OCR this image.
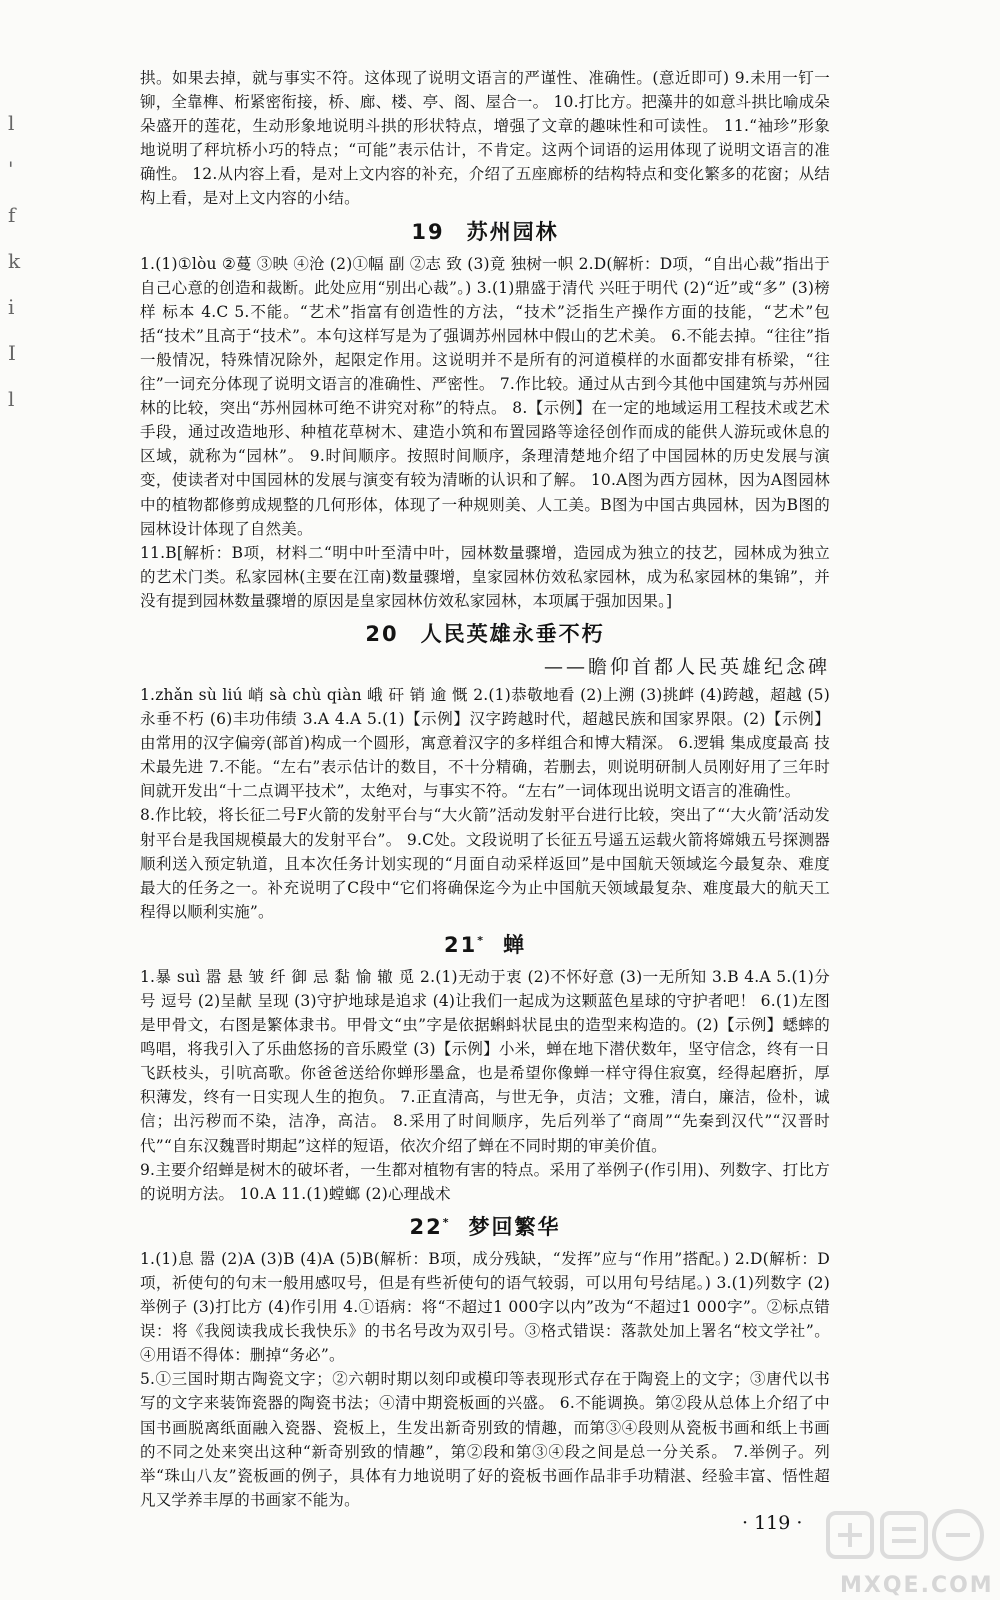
l
'
f
k
i
I
l

拱。如果去掉，就与事实不符。这体现了说明文语言的严谨性、准确性。(意近即可) 9.未用一钉一铆，全靠榫、桁紧密衔接，桥、廊、楼、亭、阁、屋合一。 10.打比方。把藻井的如意斗拱比喻成朵朵盛开的莲花，生动形象地说明斗拱的形状特点，增强了文章的趣味性和可读性。 11.“袖珍”形象地说明了秤坑桥小巧的特点；“可能”表示估计，不肯定。这两个词语的运用体现了说明文语言的准确性。 12.从内容上看，是对上文内容的补充，介绍了五座廊桥的结构特点和变化繁多的花窗；从结构上看，是对上文内容的小结。

19 苏州园林

1.(1)①lòu ②蔓 ③映 ④沧 (2)①幅 副 ②志 致 (3)竟 独树一帜 2.D(解析：D项，“自出心裁”指出于自己心意的创造和裁断。此处应用“别出心裁”。) 3.(1)鼎盛于清代 兴旺于明代 (2)“近”或“多” (3)榜样 标本 4.C 5.不能。“艺术”指富有创造性的方法，“技术”泛指生产操作方面的技能，“艺术”包括“技术”且高于“技术”。本句这样写是为了强调苏州园林中假山的艺术美。 6.不能去掉。“往往”指一般情况，特殊情况除外，起限定作用。这说明并不是所有的河道模样的水面都安排有桥梁，“往往”一词充分体现了说明文语言的准确性、严密性。 7.作比较。通过从古到今其他中国建筑与苏州园林的比较，突出“苏州园林可绝不讲究对称”的特点。 8.【示例】在一定的地域运用工程技术或艺术手段，通过改造地形、种植花草树木、建造小筑和布置园路等途径创作而成的能供人游玩或休息的区域，就称为“园林”。 9.时间顺序。按照时间顺序，条理清楚地介绍了中国园林的历史发展与演变，使读者对中国园林的发展与演变有较为清晰的认识和了解。 10.A图为西方园林，因为A图园林中的植物都修剪成规整的几何形体，体现了一种规则美、人工美。B图为中国古典园林，因为B图的园林设计体现了自然美。

11.B[解析：B项，材料二“明中叶至清中叶，园林数量骤增，造园成为独立的技艺，园林成为独立的艺术门类。私家园林(主要在江南)数量骤增，皇家园林仿效私家园林，成为私家园林的集锦”，并没有提到园林数量骤增的原因是皇家园林仿效私家园林，本项属于强加因果。]

20 人民英雄永垂不朽
——瞻仰首都人民英雄纪念碑

1.zhǎn sù liú 峭 sà chù qiàn 峨 矸 销 逾 慨 2.(1)恭敬地看 (2)上溯 (3)挑衅 (4)跨越，超越 (5)永垂不朽 (6)丰功伟绩 3.A 4.A 5.(1)【示例】汉字跨越时代，超越民族和国家界限。(2)【示例】由常用的汉字偏旁(部首)构成一个圆形，寓意着汉字的多样组合和博大精深。 6.逻辑 集成度最高 技术最先进 7.不能。“左右”表示估计的数目，不十分精确，若删去，则说明研制人员刚好用了三年时间就开发出“十二点调平技术”，太绝对，与事实不符。“左右”一词体现出说明文语言的准确性。

8.作比较，将长征二号F火箭的发射平台与“大火箭”活动发射平台进行比较，突出了“‘大火箭’活动发射平台是我国规模最大的发射平台”。 9.C处。文段说明了长征五号遥五运载火箭将嫦娥五号探测器顺利送入预定轨道，且本次任务计划实现的“月面自动采样返回”是中国航天领域迄今最复杂、难度最大的任务之一。补充说明了C段中“它们将确保迄今为止中国航天领域最复杂、难度最大的航天工程得以顺利实施”。

21* 蝉

1.暴 suì 嚣 悬 皱 纤 御 忌 黏 愉 辙 觅 2.(1)无动于衷 (2)不怀好意 (3)一无所知 3.B 4.A 5.(1)分号 逗号 (2)呈献 呈现 (3)守护地球是追求 (4)让我们一起成为这颗蓝色星球的守护者吧！ 6.(1)左图是甲骨文，右图是繁体隶书。甲骨文“虫”字是依据蝌蚪状昆虫的造型来构造的。(2)【示例】蟋蟀的鸣唱，将我引入了乐曲悠扬的音乐殿堂 (3)【示例】小米，蝉在地下潜伏数年，坚守信念，终有一日飞跃枝头，引吭高歌。你爸爸送给你蝉形墨盒，也是希望你像蝉一样守得住寂寞，经得起磨折，厚积薄发，终有一日实现人生的抱负。 7.正直清高，与世无争，贞洁；文雅，清白，廉洁，俭朴，诚信；出污秽而不染，洁净，高洁。 8.采用了时间顺序，先后列举了“商周”“先秦到汉代”“汉晋时代”“自东汉魏晋时期起”这样的短语，依次介绍了蝉在不同时期的审美价值。

9.主要介绍蝉是树木的破坏者，一生都对植物有害的特点。采用了举例子(作引用)、列数字、打比方的说明方法。 10.A 11.(1)螳螂 (2)心理战术

22* 梦回繁华

1.(1)息 嚣 (2)A (3)B (4)A (5)B(解析：B项，成分残缺，“发挥”应与“作用”搭配。) 2.D(解析：D项，祈使句的句末一般用感叹号，但是有些祈使句的语气较弱，可以用句号结尾。) 3.(1)列数字 (2)举例子 (3)打比方 (4)作引用 4.①语病：将“不超过1 000字以内”改为“不超过1 000字”。②标点错误：将《我阅读我成长我快乐》的书名号改为双引号。③格式错误：落款处加上署名“校文学社”。④用语不得体：删掉“务必”。

5.①三国时期古陶瓷文字；②六朝时期以刻印或模印等表现形式存在于陶瓷上的文字；③唐代以书写的文字来装饰瓷器的陶瓷书法；④清中期瓷板画的兴盛。 6.不能调换。第②段从总体上介绍了中国书画脱离纸面融入瓷器、瓷板上，生发出新奇别致的情趣，而第③④段则从瓷板书画和纸上书画的不同之处来突出这种“新奇别致的情趣”，第②段和第③④段之间是总一分关系。 7.举例子。列举“珠山八友”瓷板画的例子，具体有力地说明了好的瓷板书画作品非手功精湛、经验丰富、悟性超凡又学养丰厚的书画家不能为。

· 119 ·
MXQE.COM
